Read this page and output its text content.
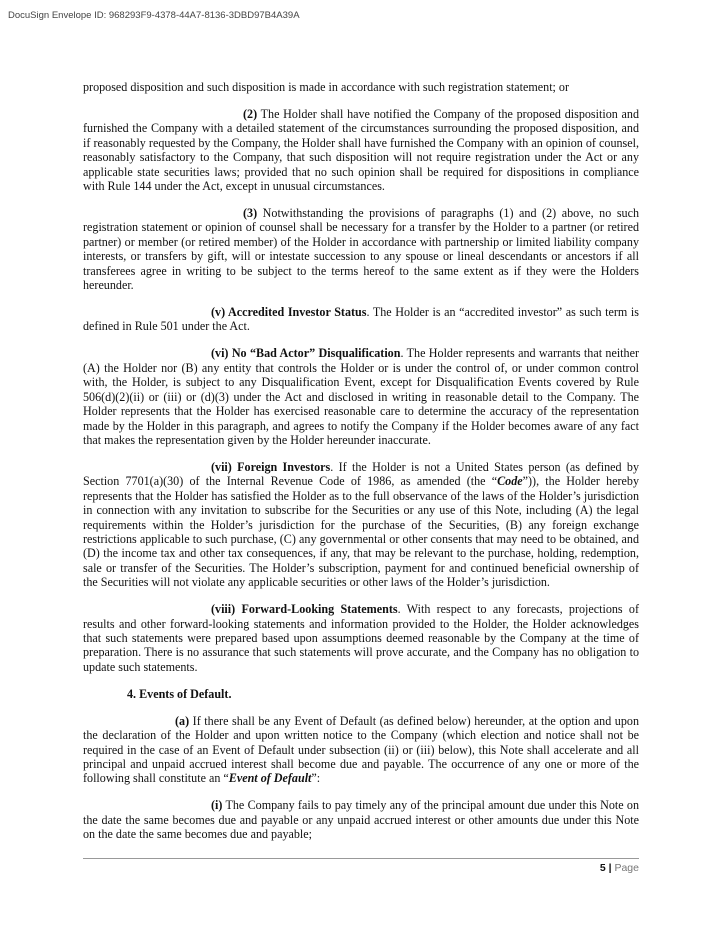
DocuSign Envelope ID: 968293F9-4378-44A7-8136-3DBD97B4A39A

proposed disposition and such disposition is made in accordance with such registration statement; or

(2) The Holder shall have notified the Company of the proposed disposition and furnished the Company with a detailed statement of the circumstances surrounding the proposed disposition, and if reasonably requested by the Company, the Holder shall have furnished the Company with an opinion of counsel, reasonably satisfactory to the Company, that such disposition will not require registration under the Act or any applicable state securities laws; provided that no such opinion shall be required for dispositions in compliance with Rule 144 under the Act, except in unusual circumstances.

(3) Notwithstanding the provisions of paragraphs (1) and (2) above, no such registration statement or opinion of counsel shall be necessary for a transfer by the Holder to a partner (or retired partner) or member (or retired member) of the Holder in accordance with partnership or limited liability company interests, or transfers by gift, will or intestate succession to any spouse or lineal descendants or ancestors if all transferees agree in writing to be subject to the terms hereof to the same extent as if they were the Holders hereunder.

(v) Accredited Investor Status. The Holder is an “accredited investor” as such term is defined in Rule 501 under the Act.

(vi) No “Bad Actor” Disqualification. The Holder represents and warrants that neither (A) the Holder nor (B) any entity that controls the Holder or is under the control of, or under common control with, the Holder, is subject to any Disqualification Event, except for Disqualification Events covered by Rule 506(d)(2)(ii) or (iii) or (d)(3) under the Act and disclosed in writing in reasonable detail to the Company. The Holder represents that the Holder has exercised reasonable care to determine the accuracy of the representation made by the Holder in this paragraph, and agrees to notify the Company if the Holder becomes aware of any fact that makes the representation given by the Holder hereunder inaccurate.

(vii) Foreign Investors. If the Holder is not a United States person (as defined by Section 7701(a)(30) of the Internal Revenue Code of 1986, as amended (the “Code”)), the Holder hereby represents that the Holder has satisfied the Holder as to the full observance of the laws of the Holder’s jurisdiction in connection with any invitation to subscribe for the Securities or any use of this Note, including (A) the legal requirements within the Holder’s jurisdiction for the purchase of the Securities, (B) any foreign exchange restrictions applicable to such purchase, (C) any governmental or other consents that may need to be obtained, and (D) the income tax and other tax consequences, if any, that may be relevant to the purchase, holding, redemption, sale or transfer of the Securities. The Holder’s subscription, payment for and continued beneficial ownership of the Securities will not violate any applicable securities or other laws of the Holder’s jurisdiction.

(viii) Forward-Looking Statements. With respect to any forecasts, projections of results and other forward-looking statements and information provided to the Holder, the Holder acknowledges that such statements were prepared based upon assumptions deemed reasonable by the Company at the time of preparation. There is no assurance that such statements will prove accurate, and the Company has no obligation to update such statements.

4. Events of Default.

(a) If there shall be any Event of Default (as defined below) hereunder, at the option and upon the declaration of the Holder and upon written notice to the Company (which election and notice shall not be required in the case of an Event of Default under subsection (ii) or (iii) below), this Note shall accelerate and all principal and unpaid accrued interest shall become due and payable. The occurrence of any one or more of the following shall constitute an “Event of Default”:

(i) The Company fails to pay timely any of the principal amount due under this Note on the date the same becomes due and payable or any unpaid accrued interest or other amounts due under this Note on the date the same becomes due and payable;

5 | Page
